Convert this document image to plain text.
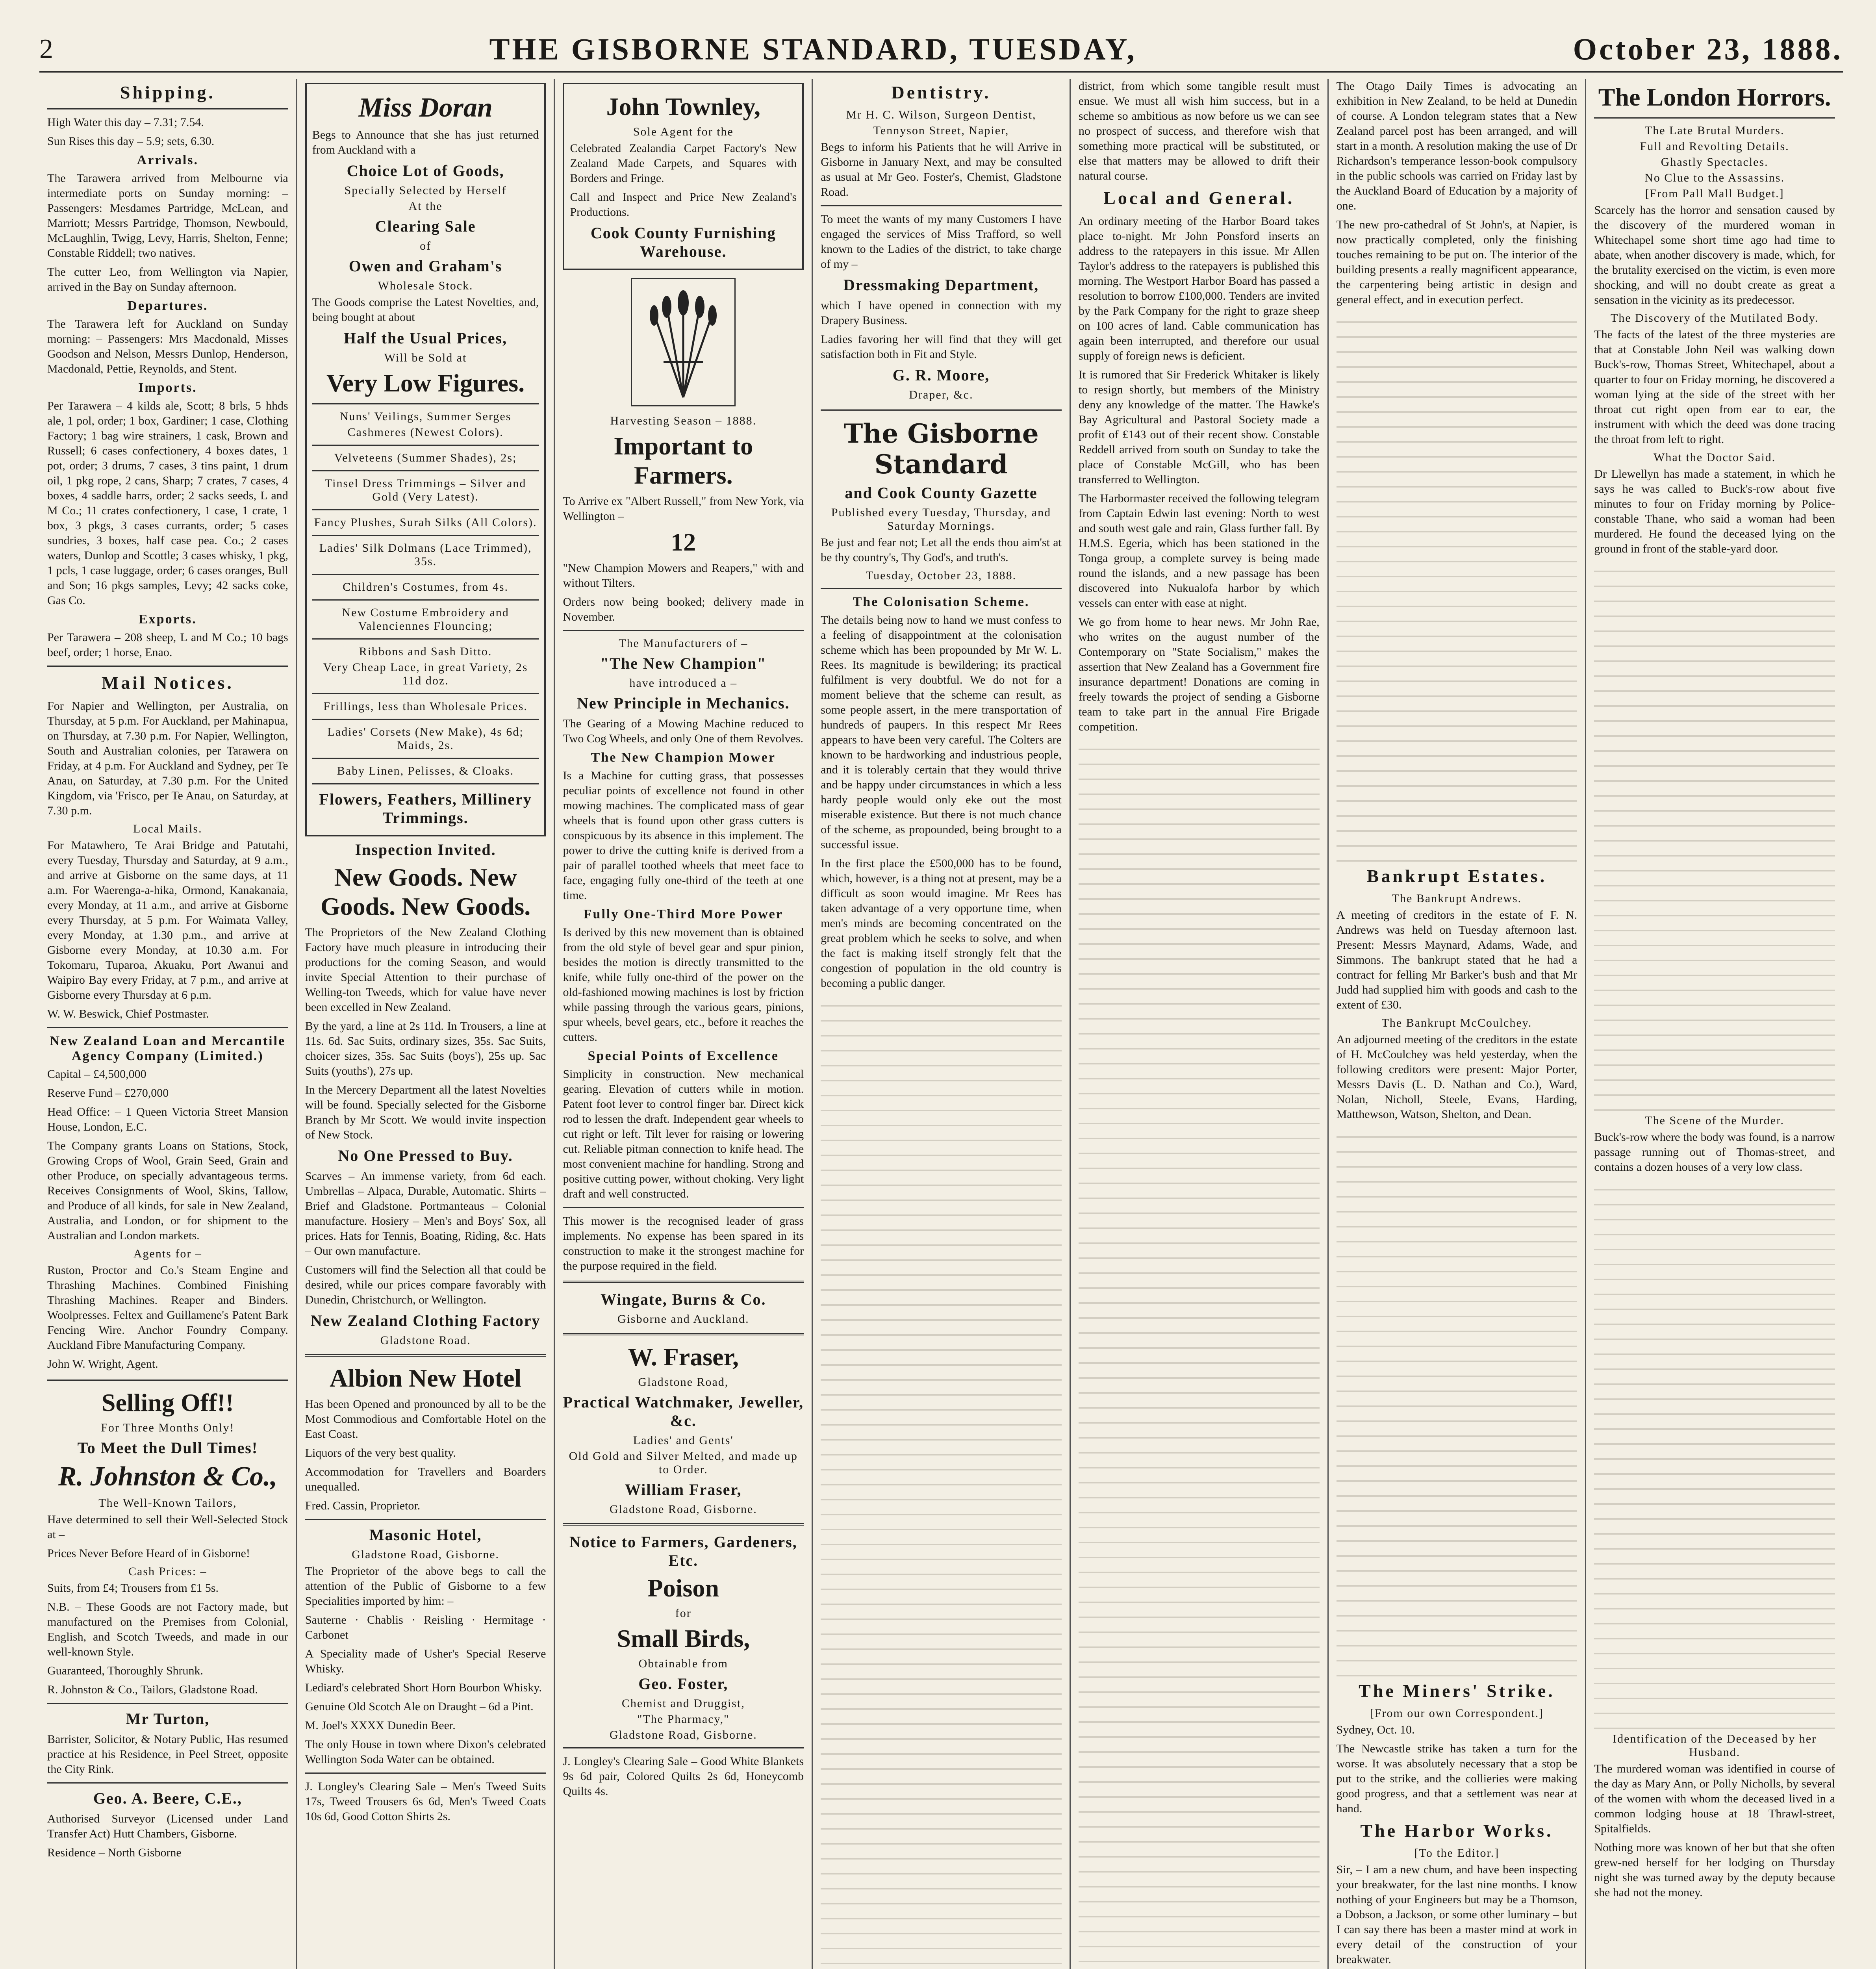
2	THE GISBORNE STANDARD, TUESDAY,	October 23, 1888.
Shipping.

High Water this day – 7.31; 7.54.

Sun Rises this day – 5.9; sets, 6.30.

Arrivals.

The Tarawera arrived from Melbourne via intermediate ports on Sunday morning: – Passengers: Mesdames Partridge, McLean, and Marriott; Messrs Partridge, Thomson, Newbould, McLaughlin, Twigg, Levy, Harris, Shelton, Fenne; Constable Riddell; two natives.

The cutter Leo, from Wellington via Napier, arrived in the Bay on Sunday afternoon.

Departures.

The Tarawera left for Auckland on Sunday morning: – Passengers: Mrs Macdonald, Misses Goodson and Nelson, Messrs Dunlop, Henderson, Macdonald, Pettie, Reynolds, and Stent.

Imports.

Per Tarawera – 4 kilds ale, Scott; 8 brls, 5 hhds ale, 1 pol, order; 1 box, Gardiner; 1 case, Clothing Factory; 1 bag wire strainers, 1 cask, Brown and Russell; 6 cases confectionery, 4 boxes dates, 1 pot, order; 3 drums, 7 cases, 3 tins paint, 1 drum oil, 1 pkg rope, 2 cans, Sharp; 7 crates, 7 cases, 4 boxes, 4 saddle harrs, order; 2 sacks seeds, L and M Co.; 11 crates confectionery, 1 case, 1 crate, 1 box, 3 pkgs, 3 cases currants, order; 5 cases sundries, 3 boxes, half case pea. Co.; 2 cases waters, Dunlop and Scottle; 3 cases whisky, 1 pkg, 1 pcls, 1 case luggage, order; 6 cases oranges, Bull and Son; 16 pkgs samples, Levy; 42 sacks coke, Gas Co.

Exports.

Per Tarawera – 208 sheep, L and M Co.; 10 bags beef, order; 1 horse, Enao.

Mail Notices.

For Napier and Wellington, per Australia, on Thursday, at 5 p.m. For Auckland, per Mahinapua, on Thursday, at 7.30 p.m. For Napier, Wellington, South and Australian colonies, per Tarawera on Friday, at 4 p.m. For Auckland and Sydney, per Te Anau, on Saturday, at 7.30 p.m. For the United Kingdom, via 'Frisco, per Te Anau, on Saturday, at 7.30 p.m.

Local Mails.

For Matawhero, Te Arai Bridge and Patutahi, every Tuesday, Thursday and Saturday, at 9 a.m., and arrive at Gisborne on the same days, at 11 a.m. For Waerenga-a-hika, Ormond, Kanakanaia, every Monday, at 11 a.m., and arrive at Gisborne every Thursday, at 5 p.m. For Waimata Valley, every Monday, at 1.30 p.m., and arrive at Gisborne every Monday, at 10.30 a.m. For Tokomaru, Tuparoa, Akuaku, Port Awanui and Waipiro Bay every Friday, at 7 p.m., and arrive at Gisborne every Thursday at 6 p.m.

W. W. Beswick, Chief Postmaster.

New Zealand Loan and Mercantile Agency Company (Limited.)

Capital – £4,500,000

Reserve Fund – £270,000

Head Office: – 1 Queen Victoria Street Mansion House, London, E.C.

The Company grants Loans on Stations, Stock, Growing Crops of Wool, Grain Seed, Grain and other Produce, on specially advantageous terms. Receives Consignments of Wool, Skins, Tallow, and Produce of all kinds, for sale in New Zealand, Australia, and London, or for shipment to the Australian and London markets.

Agents for –

Ruston, Proctor and Co.'s Steam Engine and Thrashing Machines. Combined Finishing Thrashing Machines. Reaper and Binders. Woolpresses. Feltex and Guillamene's Patent Bark Fencing Wire. Anchor Foundry Company. Auckland Fibre Manufacturing Company.

John W. Wright, Agent.

Selling Off!!
For Three Months Only!
To Meet the Dull Times!
R. Johnston & Co.,
The Well-Known Tailors,

Have determined to sell their Well-Selected Stock at –

Prices Never Before Heard of in Gisborne!

Cash Prices: –

Suits, from £4; Trousers from £1 5s.

N.B. – These Goods are not Factory made, but manufactured on the Premises from Colonial, English, and Scotch Tweeds, and made in our well-known Style.

Guaranteed, Thoroughly Shrunk.

R. Johnston & Co., Tailors, Gladstone Road.

Mr Turton,

Barrister, Solicitor, & Notary Public, Has resumed practice at his Residence, in Peel Street, opposite the City Rink.

Geo. A. Beere, C.E.,

Authorised Surveyor (Licensed under Land Transfer Act) Hutt Chambers, Gisborne.

Residence – North Gisborne

Miss Doran

Begs to Announce that she has just returned from Auckland with a

Choice Lot of Goods,
Specially Selected by Herself
At the
Clearing Sale
of
Owen and Graham's
Wholesale Stock.

The Goods comprise the Latest Novelties, and, being bought at about

Half the Usual Prices,
Will be Sold at
Very Low Figures.
Nuns' Veilings, Summer Serges
Cashmeres (Newest Colors).
Velveteens (Summer Shades), 2s;
Tinsel Dress Trimmings – Silver and Gold (Very Latest).
Fancy Plushes, Surah Silks (All Colors).
Ladies' Silk Dolmans (Lace Trimmed), 35s.
Children's Costumes, from 4s.
New Costume Embroidery and Valenciennes Flouncing;
Ribbons and Sash Ditto.
Very Cheap Lace, in great Variety, 2s 11d doz.
Frillings, less than Wholesale Prices.
Ladies' Corsets (New Make), 4s 6d; Maids, 2s.
Baby Linen, Pelisses, & Cloaks.
Flowers, Feathers, Millinery Trimmings.
Inspection Invited.
New Goods. New Goods. New Goods.

The Proprietors of the New Zealand Clothing Factory have much pleasure in introducing their productions for the coming Season, and would invite Special Attention to their purchase of Welling-ton Tweeds, which for value have never been excelled in New Zealand.

By the yard, a line at 2s 11d. In Trousers, a line at 11s. 6d. Sac Suits, ordinary sizes, 35s. Sac Suits, choicer sizes, 35s. Sac Suits (boys'), 25s up. Sac Suits (youths'), 27s up.

In the Mercery Department all the latest Novelties will be found. Specially selected for the Gisborne Branch by Mr Scott. We would invite inspection of New Stock.

No One Pressed to Buy.

Scarves – An immense variety, from 6d each. Umbrellas – Alpaca, Durable, Automatic. Shirts – Brief and Gladstone. Portmanteaus – Colonial manufacture. Hosiery – Men's and Boys' Sox, all prices. Hats for Tennis, Boating, Riding, &c. Hats – Our own manufacture.

Customers will find the Selection all that could be desired, while our prices compare favorably with Dunedin, Christchurch, or Wellington.

New Zealand Clothing Factory
Gladstone Road.
Albion New Hotel

Has been Opened and pronounced by all to be the Most Commodious and Comfortable Hotel on the East Coast.

Liquors of the very best quality.

Accommodation for Travellers and Boarders unequalled.

Fred. Cassin, Proprietor.

Masonic Hotel,
Gladstone Road, Gisborne.

The Proprietor of the above begs to call the attention of the Public of Gisborne to a few Specialities imported by him: –

Sauterne · Chablis · Reisling · Hermitage · Carbonet

A Speciality made of Usher's Special Reserve Whisky.

Lediard's celebrated Short Horn Bourbon Whisky.

Genuine Old Scotch Ale on Draught – 6d a Pint.

M. Joel's XXXX Dunedin Beer.

The only House in town where Dixon's celebrated Wellington Soda Water can be obtained.

J. Longley's Clearing Sale – Men's Tweed Suits 17s, Tweed Trousers 6s 6d, Men's Tweed Coats 10s 6d, Good Cotton Shirts 2s.

John Townley,
Sole Agent for the

Celebrated Zealandia Carpet Factory's New Zealand Made Carpets, and Squares with Borders and Fringe.

Call and Inspect and Price New Zealand's Productions.

Cook County Furnishing Warehouse.
Harvesting Season – 1888.
Important to Farmers.

To Arrive ex "Albert Russell," from New York, via Wellington –

12

"New Champion Mowers and Reapers," with and without Tilters.

Orders now being booked; delivery made in November.

The Manufacturers of –
"The New Champion"
have introduced a –
New Principle in Mechanics.

The Gearing of a Mowing Machine reduced to Two Cog Wheels, and only One of them Revolves.

The New Champion Mower

Is a Machine for cutting grass, that possesses peculiar points of excellence not found in other mowing machines. The complicated mass of gear wheels that is found upon other grass cutters is conspicuous by its absence in this implement. The power to drive the cutting knife is derived from a pair of parallel toothed wheels that meet face to face, engaging fully one-third of the teeth at one time.

Fully One-Third More Power

Is derived by this new movement than is obtained from the old style of bevel gear and spur pinion, besides the motion is directly transmitted to the knife, while fully one-third of the power on the old-fashioned mowing machines is lost by friction while passing through the various gears, pinions, spur wheels, bevel gears, etc., before it reaches the cutters.

Special Points of Excellence

Simplicity in construction. New mechanical gearing. Elevation of cutters while in motion. Patent foot lever to control finger bar. Direct kick rod to lessen the draft. Independent gear wheels to cut right or left. Tilt lever for raising or lowering cut. Reliable pitman connection to knife head. The most convenient machine for handling. Strong and positive cutting power, without choking. Very light draft and well constructed.

This mower is the recognised leader of grass implements. No expense has been spared in its construction to make it the strongest machine for the purpose required in the field.

Wingate, Burns & Co.
Gisborne and Auckland.
W. Fraser,
Gladstone Road,
Practical Watchmaker, Jeweller, &c.
Ladies' and Gents'
Old Gold and Silver Melted, and made up to Order.
William Fraser,
Gladstone Road, Gisborne.
Notice to Farmers, Gardeners, Etc.
Poison
for
Small Birds,
Obtainable from
Geo. Foster,
Chemist and Druggist,
"The Pharmacy,"
Gladstone Road, Gisborne.

J. Longley's Clearing Sale – Good White Blankets 9s 6d pair, Colored Quilts 2s 6d, Honeycomb Quilts 4s.

Dentistry.
Mr H. C. Wilson, Surgeon Dentist,
Tennyson Street, Napier,

Begs to inform his Patients that he will Arrive in Gisborne in January Next, and may be consulted as usual at Mr Geo. Foster's, Chemist, Gladstone Road.

To meet the wants of my many Customers I have engaged the services of Miss Trafford, so well known to the Ladies of the district, to take charge of my –

Dressmaking Department,

which I have opened in connection with my Drapery Business.

Ladies favoring her will find that they will get satisfaction both in Fit and Style.

G. R. Moore,
Draper, &c.
The Gisborne Standard
and Cook County Gazette
Published every Tuesday, Thursday, and Saturday Mornings.

Be just and fear not; Let all the ends thou aim'st at be thy country's, Thy God's, and truth's.

Tuesday, October 23, 1888.
The Colonisation Scheme.

The details being now to hand we must confess to a feeling of disappointment at the colonisation scheme which has been propounded by Mr W. L. Rees. Its magnitude is bewildering; its practical fulfilment is very doubtful. We do not for a moment believe that the scheme can result, as some people assert, in the mere transportation of hundreds of paupers. In this respect Mr Rees appears to have been very careful. The Colters are known to be hardworking and industrious people, and it is tolerably certain that they would thrive and be happy under circumstances in which a less hardy people would only eke out the most miserable existence. But there is not much chance of the scheme, as propounded, being brought to a successful issue.

In the first place the £500,000 has to be found, which, however, is a thing not at present, may be a difficult as soon would imagine. Mr Rees has taken advantage of a very opportune time, when men's minds are becoming concentrated on the great problem which he seeks to solve, and when the fact is making itself strongly felt that the congestion of population in the old country is becoming a public danger.

district, from which some tangible result must ensue. We must all wish him success, but in a scheme so ambitious as now before us we can see no prospect of success, and therefore wish that something more practical will be substituted, or else that matters may be allowed to drift their natural course.

Local and General.

An ordinary meeting of the Harbor Board takes place to-night. Mr John Ponsford inserts an address to the ratepayers in this issue. Mr Allen Taylor's address to the ratepayers is published this morning. The Westport Harbor Board has passed a resolution to borrow £100,000. Tenders are invited by the Park Company for the right to graze sheep on 100 acres of land. Cable communication has again been interrupted, and therefore our usual supply of foreign news is deficient.

It is rumored that Sir Frederick Whitaker is likely to resign shortly, but members of the Ministry deny any knowledge of the matter. The Hawke's Bay Agricultural and Pastoral Society made a profit of £143 out of their recent show. Constable Reddell arrived from south on Sunday to take the place of Constable McGill, who has been transferred to Wellington.

The Harbormaster received the following telegram from Captain Edwin last evening: North to west and south west gale and rain, Glass further fall. By H.M.S. Egeria, which has been stationed in the Tonga group, a complete survey is being made round the islands, and a new passage has been discovered into Nukualofa harbor by which vessels can enter with ease at night.

We go from home to hear news. Mr John Rae, who writes on the august number of the Contemporary on "State Socialism," makes the assertion that New Zealand has a Government fire insurance department! Donations are coming in freely towards the project of sending a Gisborne team to take part in the annual Fire Brigade competition.

The Otago Daily Times is advocating an exhibition in New Zealand, to be held at Dunedin of course. A London telegram states that a New Zealand parcel post has been arranged, and will start in a month. A resolution making the use of Dr Richardson's temperance lesson-book compulsory in the public schools was carried on Friday last by the Auckland Board of Education by a majority of one.

The new pro-cathedral of St John's, at Napier, is now practically completed, only the finishing touches remaining to be put on. The interior of the building presents a really magnificent appearance, the carpentering being artistic in design and general effect, and in execution perfect.

Bankrupt Estates.
The Bankrupt Andrews.

A meeting of creditors in the estate of F. N. Andrews was held on Tuesday afternoon last. Present: Messrs Maynard, Adams, Wade, and Simmons. The bankrupt stated that he had a contract for felling Mr Barker's bush and that Mr Judd had supplied him with goods and cash to the extent of £30.

The Bankrupt McCoulchey.

An adjourned meeting of the creditors in the estate of H. McCoulchey was held yesterday, when the following creditors were present: Major Porter, Messrs Davis (L. D. Nathan and Co.), Ward, Nolan, Nicholl, Steele, Evans, Harding, Matthewson, Watson, Shelton, and Dean.

The Miners' Strike.
[From our own Correspondent.]

Sydney, Oct. 10.

The Newcastle strike has taken a turn for the worse. It was absolutely necessary that a stop be put to the strike, and the collieries were making good progress, and that a settlement was near at hand.

The Harbor Works.
[To the Editor.]

Sir, – I am a new chum, and have been inspecting your breakwater, for the last nine months. I know nothing of your Engineers but may be a Thomson, a Dobson, a Jackson, or some other luminary – but I can say there has been a master mind at work in every detail of the construction of your breakwater.

The London Horrors.
The Late Brutal Murders.
Full and Revolting Details.
Ghastly Spectacles.
No Clue to the Assassins.
[From Pall Mall Budget.]

Scarcely has the horror and sensation caused by the discovery of the murdered woman in Whitechapel some short time ago had time to abate, when another discovery is made, which, for the brutality exercised on the victim, is even more shocking, and will no doubt create as great a sensation in the vicinity as its predecessor.

The Discovery of the Mutilated Body.

The facts of the latest of the three mysteries are that at Constable John Neil was walking down Buck's-row, Thomas Street, Whitechapel, about a quarter to four on Friday morning, he discovered a woman lying at the side of the street with her throat cut right open from ear to ear, the instrument with which the deed was done tracing the throat from left to right.

What the Doctor Said.

Dr Llewellyn has made a statement, in which he says he was called to Buck's-row about five minutes to four on Friday morning by Police-constable Thane, who said a woman had been murdered. He found the deceased lying on the ground in front of the stable-yard door.

The Scene of the Murder.

Buck's-row where the body was found, is a narrow passage running out of Thomas-street, and contains a dozen houses of a very low class.

Identification of the Deceased by her Husband.

The murdered woman was identified in course of the day as Mary Ann, or Polly Nicholls, by several of the women with whom the deceased lived in a common lodging house at 18 Thrawl-street, Spitalfields.

Nothing more was known of her but that she often grew-ned herself for her lodging on Thursday night she was turned away by the deputy because she had not the money.
